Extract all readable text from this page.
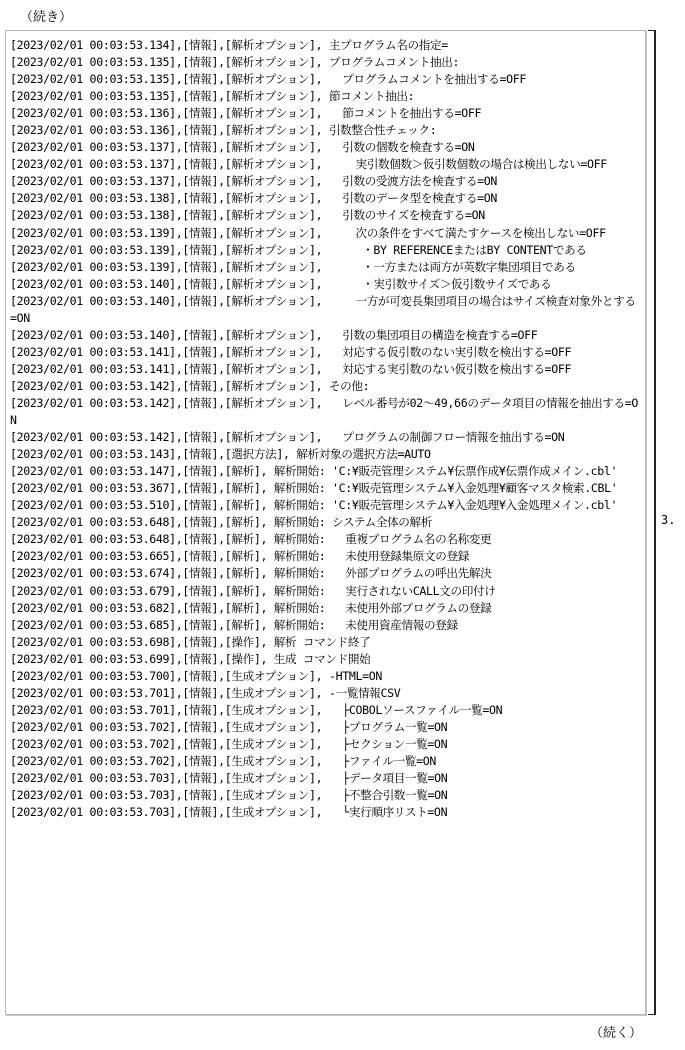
（続き）
[2023/02/01 00:03:53.134],[情報],[解析オプション], 主プログラム名の指定=
[2023/02/01 00:03:53.135],[情報],[解析オプション], プログラムコメント抽出:
[2023/02/01 00:03:53.135],[情報],[解析オプション],   プログラムコメントを抽出する=OFF
[2023/02/01 00:03:53.135],[情報],[解析オプション], 節コメント抽出:
[2023/02/01 00:03:53.136],[情報],[解析オプション],   節コメントを抽出する=OFF
[2023/02/01 00:03:53.136],[情報],[解析オプション], 引数整合性チェック:
[2023/02/01 00:03:53.137],[情報],[解析オプション],   引数の個数を検査する=ON
[2023/02/01 00:03:53.137],[情報],[解析オプション],     実引数個数＞仮引数個数の場合は検出しない=OFF
[2023/02/01 00:03:53.137],[情報],[解析オプション],   引数の受渡方法を検査する=ON
[2023/02/01 00:03:53.138],[情報],[解析オプション],   引数のデータ型を検査する=ON
[2023/02/01 00:03:53.138],[情報],[解析オプション],   引数のサイズを検査する=ON
[2023/02/01 00:03:53.139],[情報],[解析オプション],     次の条件をすべて満たすケースを検出しない=OFF
[2023/02/01 00:03:53.139],[情報],[解析オプション],      ・BY REFERENCEまたはBY CONTENTである
[2023/02/01 00:03:53.139],[情報],[解析オプション],      ・一方または両方が英数字集団項目である
[2023/02/01 00:03:53.140],[情報],[解析オプション],      ・実引数サイズ＞仮引数サイズである
[2023/02/01 00:03:53.140],[情報],[解析オプション],     一方が可変長集団項目の場合はサイズ検査対象外とする=ON
[2023/02/01 00:03:53.140],[情報],[解析オプション],   引数の集団項目の構造を検査する=OFF
[2023/02/01 00:03:53.141],[情報],[解析オプション],   対応する仮引数のない実引数を検出する=OFF
[2023/02/01 00:03:53.141],[情報],[解析オプション],   対応する実引数のない仮引数を検出する=OFF
[2023/02/01 00:03:53.142],[情報],[解析オプション], その他:
[2023/02/01 00:03:53.142],[情報],[解析オプション],   レベル番号が02～49,66のデータ項目の情報を抽出する=ON
[2023/02/01 00:03:53.142],[情報],[解析オプション],   プログラムの制御フロー情報を抽出する=ON
[2023/02/01 00:03:53.143],[情報],[選択方法], 解析対象の選択方法=AUTO
[2023/02/01 00:03:53.147],[情報],[解析], 解析開始: 'C:¥販売管理システム¥伝票作成¥伝票作成メイン.cbl'
[2023/02/01 00:03:53.367],[情報],[解析], 解析開始: 'C:¥販売管理システム¥入金処理¥顧客マスタ検索.CBL'
[2023/02/01 00:03:53.510],[情報],[解析], 解析開始: 'C:¥販売管理システム¥入金処理¥入金処理メイン.cbl'
[2023/02/01 00:03:53.648],[情報],[解析], 解析開始: システム全体の解析
[2023/02/01 00:03:53.648],[情報],[解析], 解析開始:   重複プログラム名の名称変更
[2023/02/01 00:03:53.665],[情報],[解析], 解析開始:   未使用登録集原文の登録
[2023/02/01 00:03:53.674],[情報],[解析], 解析開始:   外部プログラムの呼出先解決
[2023/02/01 00:03:53.679],[情報],[解析], 解析開始:   実行されないCALL文の印付け
[2023/02/01 00:03:53.682],[情報],[解析], 解析開始:   未使用外部プログラムの登録
[2023/02/01 00:03:53.685],[情報],[解析], 解析開始:   未使用資産情報の登録
[2023/02/01 00:03:53.698],[情報],[操作], 解析 コマンド終了
[2023/02/01 00:03:53.699],[情報],[操作], 生成 コマンド開始
[2023/02/01 00:03:53.700],[情報],[生成オプション], -HTML=ON
[2023/02/01 00:03:53.701],[情報],[生成オプション], -一覧情報CSV
[2023/02/01 00:03:53.701],[情報],[生成オプション],   ├COBOLソースファイル一覧=ON
[2023/02/01 00:03:53.702],[情報],[生成オプション],   ├プログラム一覧=ON
[2023/02/01 00:03:53.702],[情報],[生成オプション],   ├セクション一覧=ON
[2023/02/01 00:03:53.702],[情報],[生成オプション],   ├ファイル一覧=ON
[2023/02/01 00:03:53.703],[情報],[生成オプション],   ├データ項目一覧=ON
[2023/02/01 00:03:53.703],[情報],[生成オプション],   ├不整合引数一覧=ON
[2023/02/01 00:03:53.703],[情報],[生成オプション],   └実行順序リスト=ON
3.
（続く）
